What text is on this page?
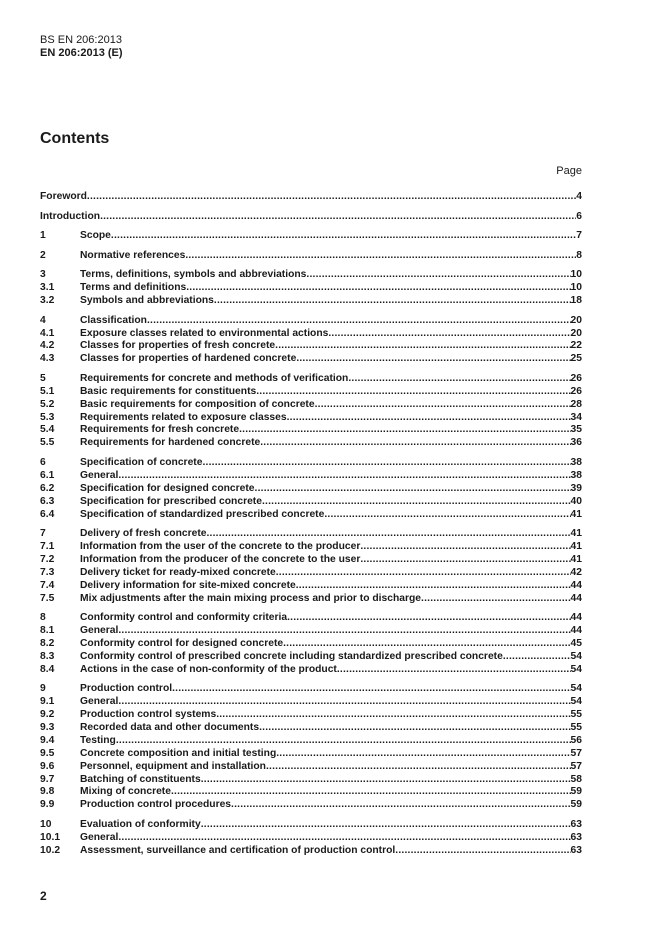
BS EN 206:2013
EN 206:2013 (E)
Contents
Page
Foreword .....	4
Introduction .....	6
1	Scope .....	7
2	Normative references .....	8
3	Terms, definitions, symbols and abbreviations .....	10
3.1	Terms and definitions .....	10
3.2	Symbols and abbreviations .....	18
4	Classification .....	20
4.1	Exposure classes related to environmental actions .....	20
4.2	Classes for properties of fresh concrete .....	22
4.3	Classes for properties of hardened concrete .....	25
5	Requirements for concrete and methods of verification .....	26
5.1	Basic requirements for constituents .....	26
5.2	Basic requirements for composition of concrete .....	28
5.3	Requirements related to exposure classes .....	34
5.4	Requirements for fresh concrete .....	35
5.5	Requirements for hardened concrete .....	36
6	Specification of concrete .....	38
6.1	General .....	38
6.2	Specification for designed concrete .....	39
6.3	Specification for prescribed concrete .....	40
6.4	Specification of standardized prescribed concrete .....	41
7	Delivery of fresh concrete .....	41
7.1	Information from the user of the concrete to the producer .....	41
7.2	Information from the producer of the concrete to the user .....	41
7.3	Delivery ticket for ready-mixed concrete .....	42
7.4	Delivery information for site-mixed concrete .....	44
7.5	Mix adjustments after the main mixing process and prior to discharge .....	44
8	Conformity control and conformity criteria .....	44
8.1	General .....	44
8.2	Conformity control for designed concrete .....	45
8.3	Conformity control of prescribed concrete including standardized prescribed concrete .....	54
8.4	Actions in the case of non-conformity of the product .....	54
9	Production control .....	54
9.1	General .....	54
9.2	Production control systems .....	55
9.3	Recorded data and other documents .....	55
9.4	Testing .....	56
9.5	Concrete composition and initial testing .....	57
9.6	Personnel, equipment and installation .....	57
9.7	Batching of constituents .....	58
9.8	Mixing of concrete .....	59
9.9	Production control procedures .....	59
10	Evaluation of conformity .....	63
10.1	General .....	63
10.2	Assessment, surveillance and certification of production control .....	63
2
